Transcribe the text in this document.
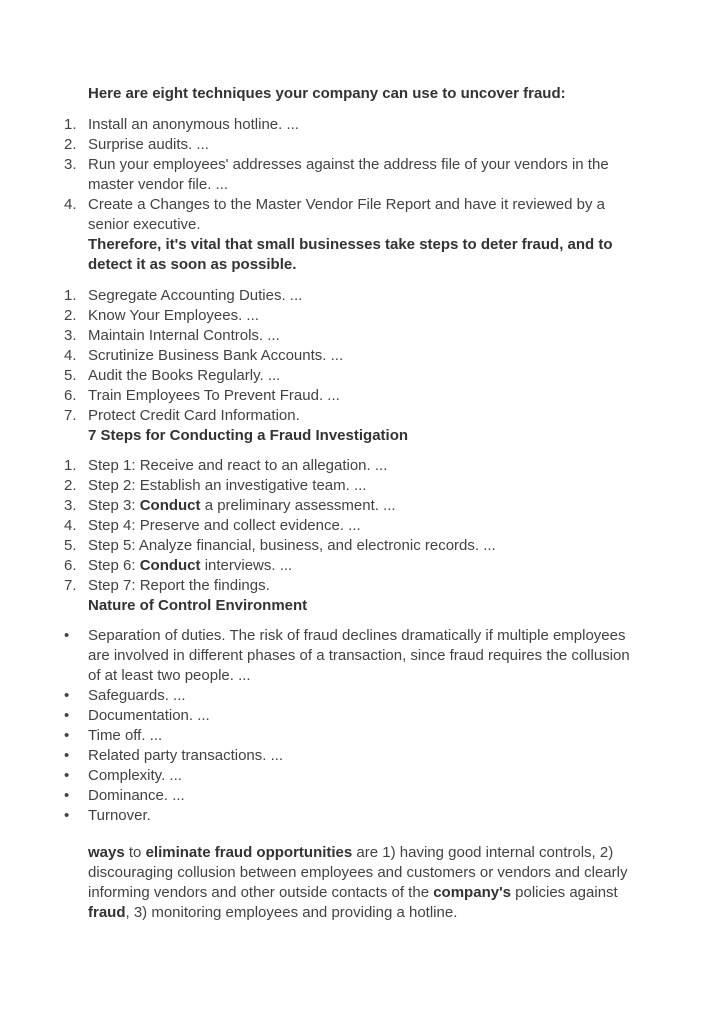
Here are eight techniques your company can use to uncover fraud:

1. Install an anonymous hotline. ...
2. Surprise audits. ...
3. Run your employees' addresses against the address file of your vendors in the master vendor file. ...
4. Create a Changes to the Master Vendor File Report and have it reviewed by a senior executive.

Therefore, it's vital that small businesses take steps to deter fraud, and to detect it as soon as possible.

1. Segregate Accounting Duties. ...
2. Know Your Employees. ...
3. Maintain Internal Controls. ...
4. Scrutinize Business Bank Accounts. ...
5. Audit the Books Regularly. ...
6. Train Employees To Prevent Fraud. ...
7. Protect Credit Card Information.

7 Steps for Conducting a Fraud Investigation

1. Step 1: Receive and react to an allegation. ...
2. Step 2: Establish an investigative team. ...
3. Step 3: Conduct a preliminary assessment. ...
4. Step 4: Preserve and collect evidence. ...
5. Step 5: Analyze financial, business, and electronic records. ...
6. Step 6: Conduct interviews. ...
7. Step 7: Report the findings.

Nature of Control Environment

•	Separation of duties. The risk of fraud declines dramatically if multiple employees are involved in different phases of a transaction, since fraud requires the collusion of at least two people. ...
•	Safeguards. ...
•	Documentation. ...
•	Time off. ...
•	Related party transactions. ...
•	Complexity. ...
•	Dominance. ...
•	Turnover.

ways to eliminate fraud opportunities are 1) having good internal controls, 2) discouraging collusion between employees and customers or vendors and clearly informing vendors and other outside contacts of the company's policies against fraud, 3) monitoring employees and providing a hotline.
